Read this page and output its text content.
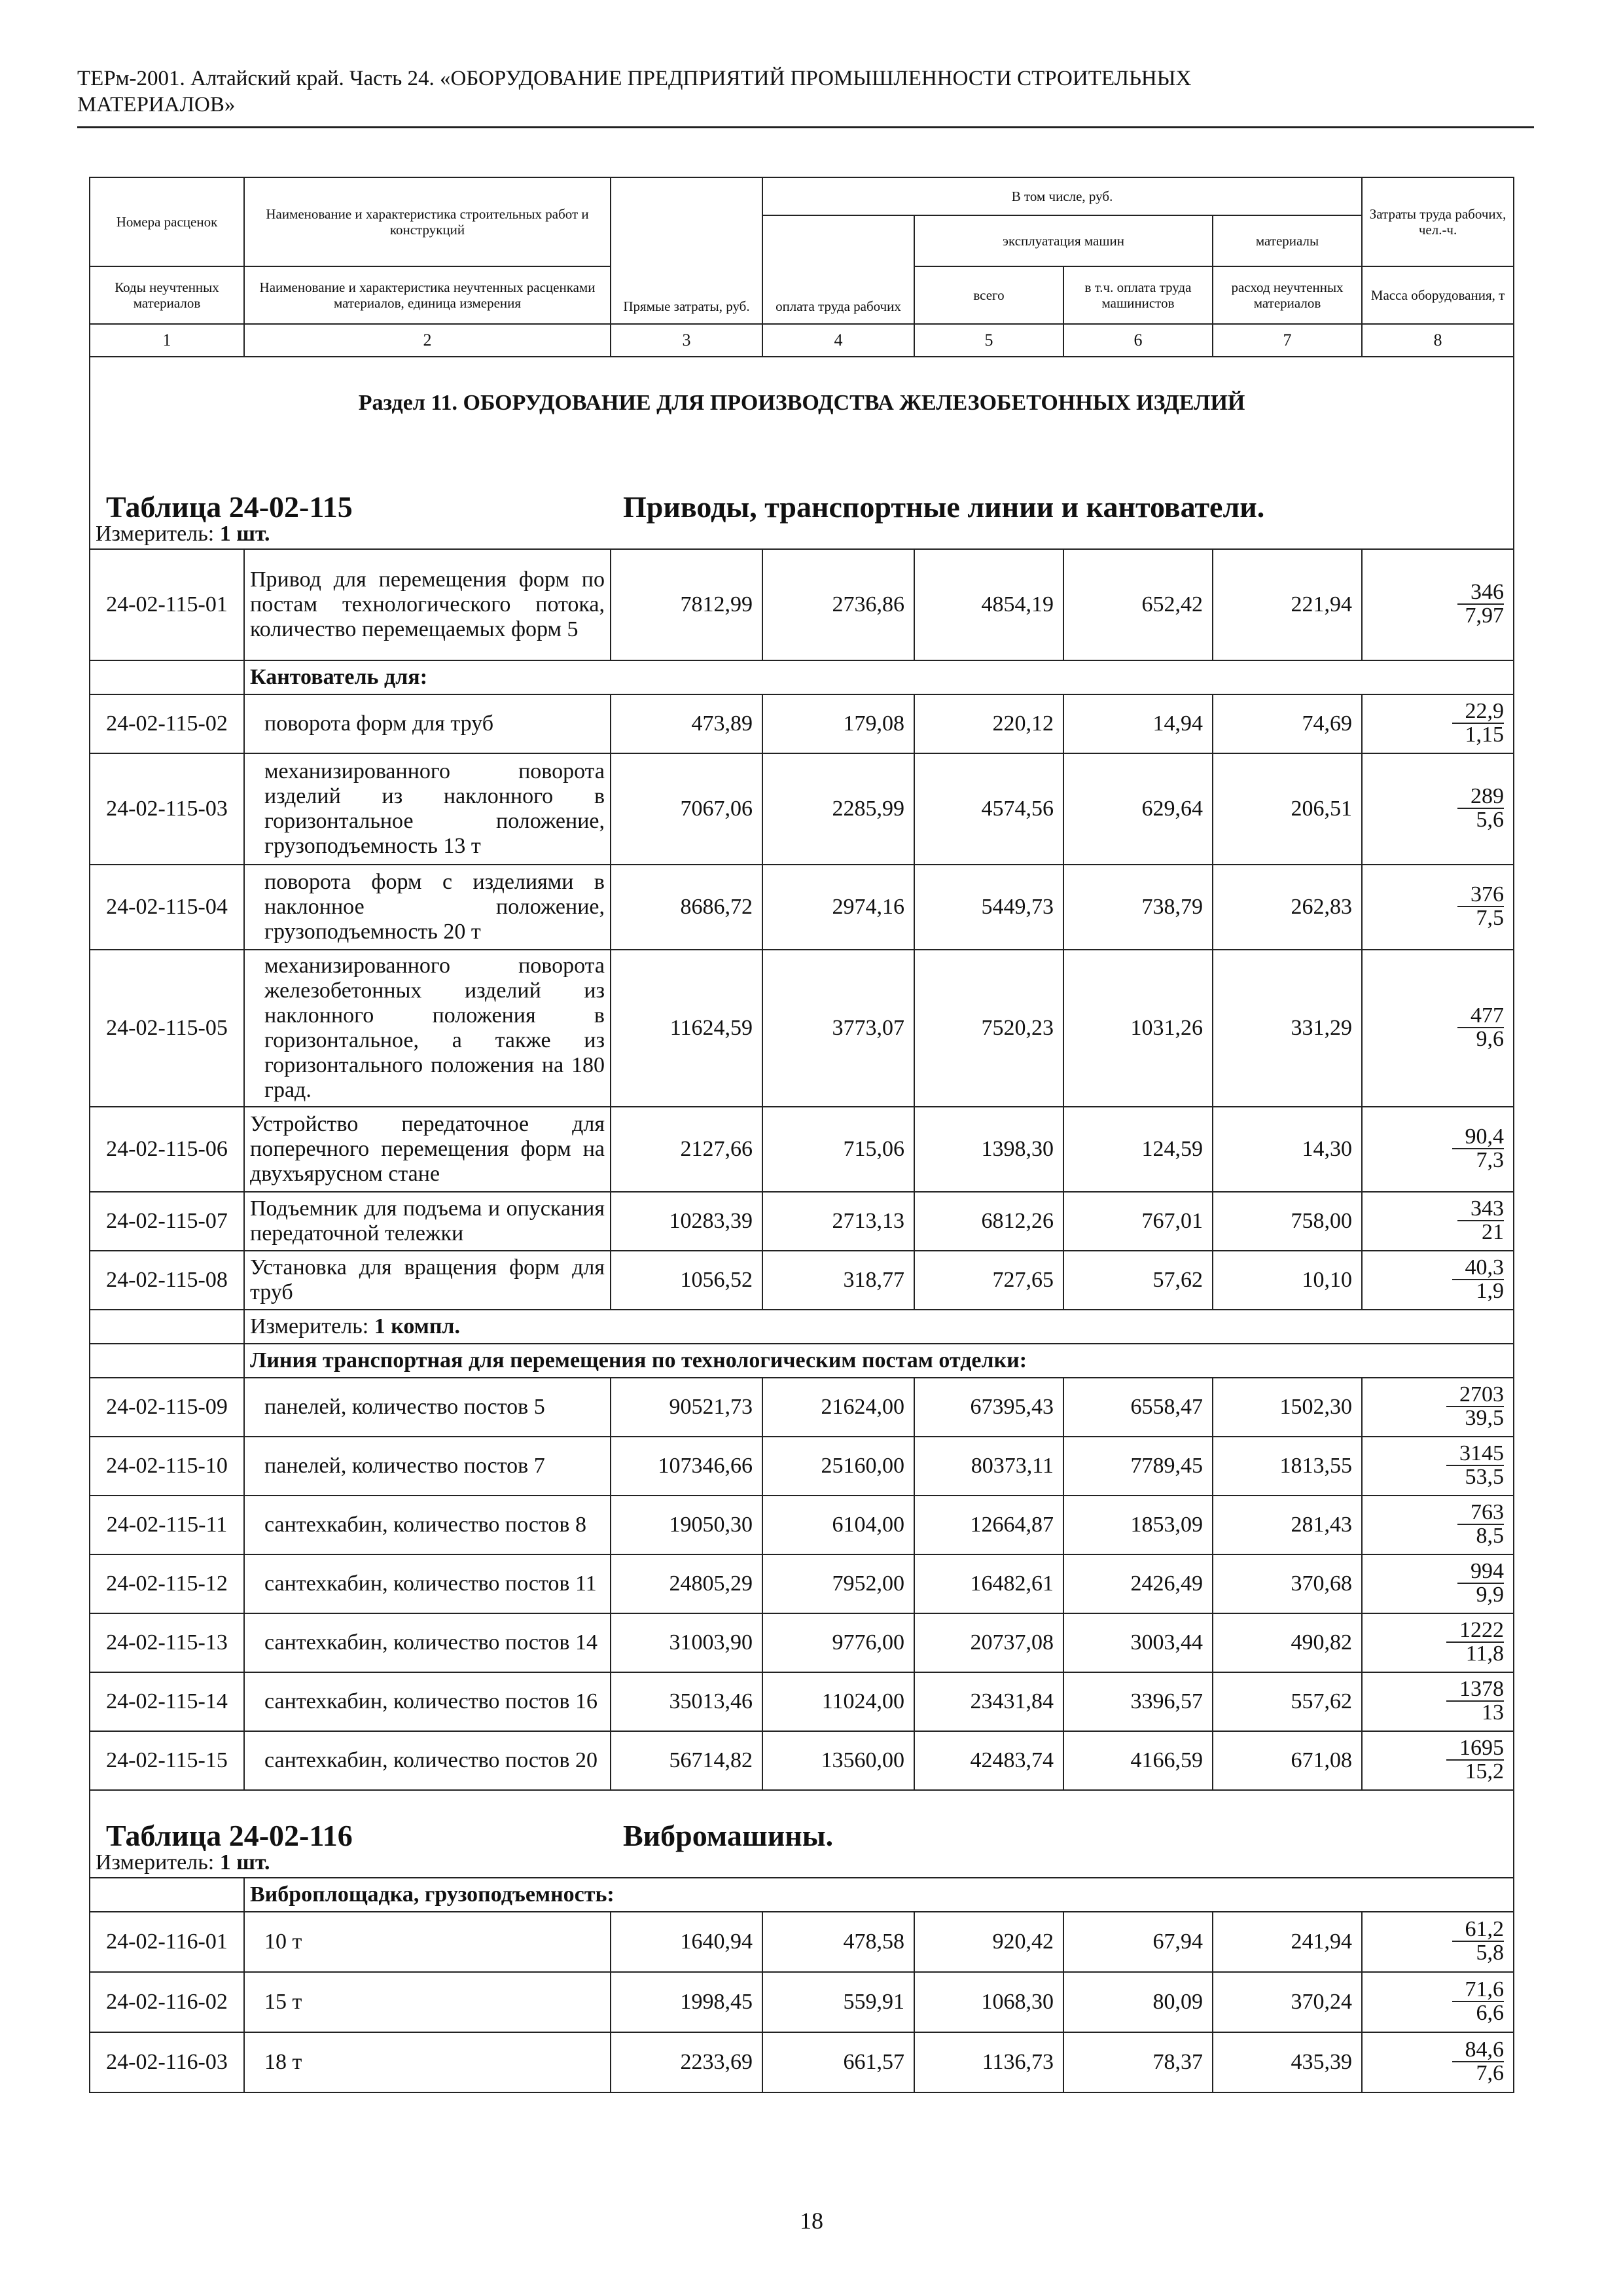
ТЕРм-2001. Алтайский край. Часть 24. «ОБОРУДОВАНИЕ ПРЕДПРИЯТИЙ ПРОМЫШЛЕННОСТИ СТРОИТЕЛЬНЫХ
МАТЕРИАЛОВ»
Номера расценок	Наименование и характеристика строительных работ и конструкций	Прямые затраты, руб.	В том числе, руб.				Затраты труда рабочих, чел.-ч.
			оплата труда рабочих	эксплуатация машин		материалы	
Коды неучтенных материалов	Наименование и характеристика неучтенных расценками материалов, единица измерения			всего	в т.ч. оплата труда машинистов	расход неучтенных материалов	Масса оборудования, т
1	2	3	4	5	6	7	8
Раздел 11. ОБОРУДОВАНИЕ ДЛЯ ПРОИЗВОДСТВА ЖЕЛЕЗОБЕТОННЫХ ИЗДЕЛИЙ							

Таблица 24-02-115 Приводы, транспортные линии и кантователи.							

Измеритель: 1 шт.							
24-02-115-01	Привод для перемещения форм по постам технологического потока, количество перемещаемых форм 5	7812,99	2736,86	4854,19	652,42	221,94	$\frac{346}{7,97}$

	Кантователь для:						
24-02-115-02	поворота форм для труб	473,89	179,08	220,12	14,94	74,69	$\frac{22,9}{1,15}$

24-02-115-03	механизированного поворота изделий из наклонного в горизонтальное положение, грузоподъемность 13 т	7067,06	2285,99	4574,56	629,64	206,51	$\frac{289}{5,6}$

24-02-115-04	поворота форм с изделиями в наклонное положение, грузоподъемность 20 т	8686,72	2974,16	5449,73	738,79	262,83	$\frac{376}{7,5}$

24-02-115-05	механизированного поворота железобетонных изделий из наклонного положения в горизонтальное, а также из горизонтального положения на 180 град.	11624,59	3773,07	7520,23	1031,26	331,29	$\frac{477}{9,6}$

24-02-115-06	Устройство передаточное для поперечного перемещения форм на двухъярусном стане	2127,66	715,06	1398,30	124,59	14,30	$\frac{90,4}{7,3}$

24-02-115-07	Подъемник для подъема и опускания передаточной тележки	10283,39	2713,13	6812,26	767,01	758,00	$\frac{343}{21}$

24-02-115-08	Установка для вращения форм для труб	1056,52	318,77	727,65	57,62	10,10	$\frac{40,3}{1,9}$

	Измеритель: 1 компл.						
	Линия транспортная для перемещения по технологическим постам отделки:						
24-02-115-09	панелей, количество постов 5	90521,73	21624,00	67395,43	6558,47	1502,30	$\frac{2703}{39,5}$

24-02-115-10	панелей, количество постов 7	107346,66	25160,00	80373,11	7789,45	1813,55	$\frac{3145}{53,5}$

24-02-115-11	сантехкабин, количество постов 8	19050,30	6104,00	12664,87	1853,09	281,43	$\frac{763}{8,5}$

24-02-115-12	сантехкабин, количество постов 11	24805,29	7952,00	16482,61	2426,49	370,68	$\frac{994}{9,9}$

24-02-115-13	сантехкабин, количество постов 14	31003,90	9776,00	20737,08	3003,44	490,82	$\frac{1222}{11,8}$

24-02-115-14	сантехкабин, количество постов 16	35013,46	11024,00	23431,84	3396,57	557,62	$\frac{1378}{13}$

24-02-115-15	сантехкабин, количество постов 20	56714,82	13560,00	42483,74	4166,59	671,08	$\frac{1695}{15,2}$

Таблица 24-02-116 Вибромашины.							

Измеритель: 1 шт.							
	Виброплощадка, грузоподъемность:						
24-02-116-01	10 т	1640,94	478,58	920,42	67,94	241,94	$\frac{61,2}{5,8}$

24-02-116-02	15 т	1998,45	559,91	1068,30	80,09	370,24	$\frac{71,6}{6,6}$

24-02-116-03	18 т	2233,69	661,57	1136,73	78,37	435,39	$\frac{84,6}{7,6}$
18
